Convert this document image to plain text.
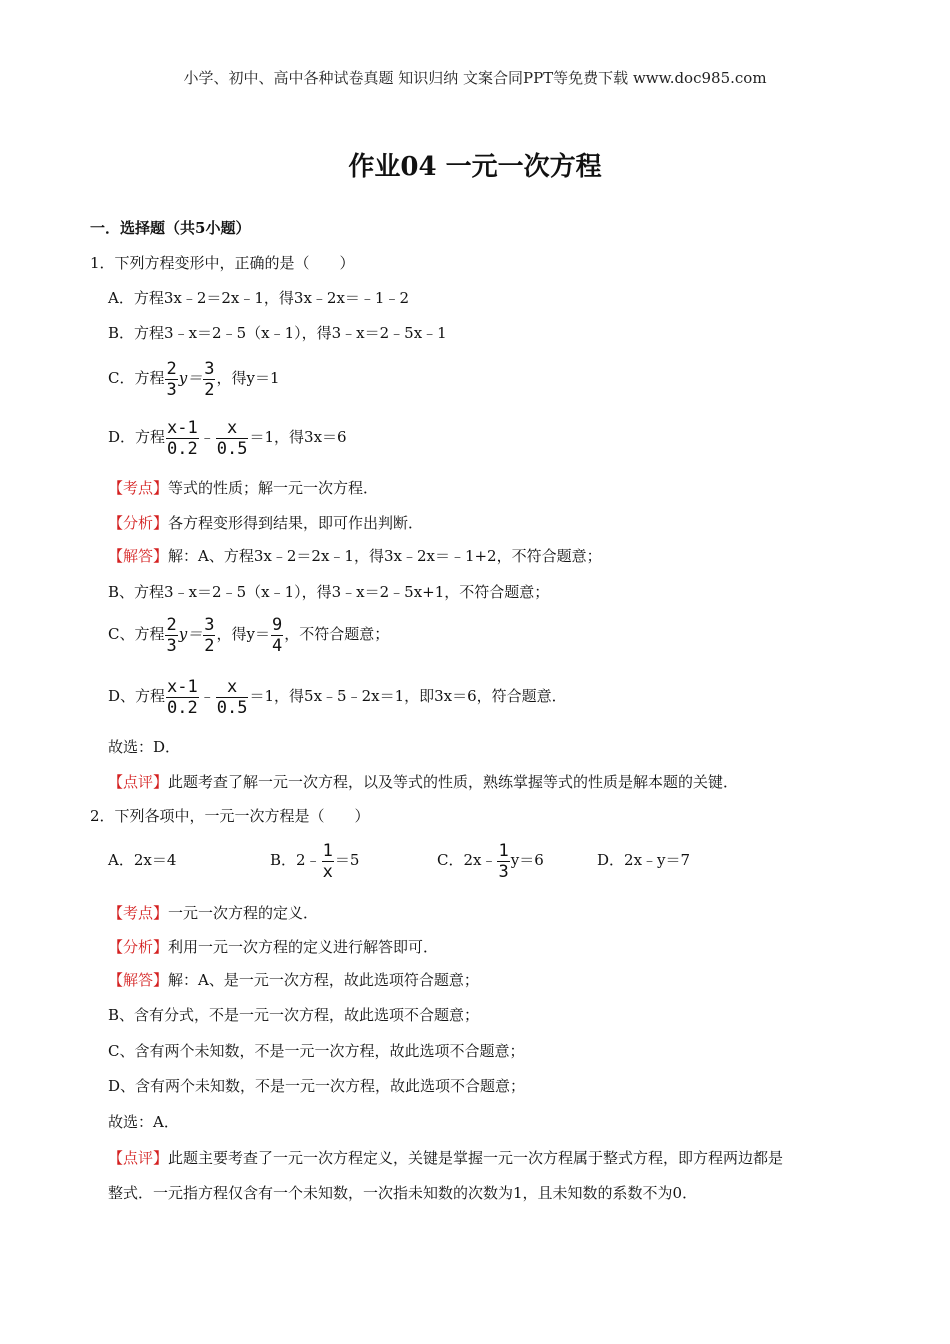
小学、初中、高中各种试卷真题 知识归纳 文案合同PPT等免费下载 www.doc985.com
作业04 一元一次方程
一．选择题（共5小题）
1．下列方程变形中，正确的是（　　）
A．方程3x﹣2＝2x﹣1，得3x﹣2x＝﹣1﹣2
B．方程3﹣x＝2﹣5（x﹣1），得3﹣x＝2﹣5x﹣1
C．方程 $\frac{2}{3} y= \frac{3}{2}$ ，得y＝1
D．方程 $\frac{x-1}{0.2}$ ﹣ $\frac{x}{0.5} =1$，得3x＝6
【考点】等式的性质；解一元一次方程．
【分析】各方程变形得到结果，即可作出判断．
【解答】解：A、方程3x﹣2＝2x﹣1，得3x﹣2x＝﹣1+2，不符合题意；
B、方程3﹣x＝2﹣5（x﹣1），得3﹣x＝2﹣5x+1，不符合题意；
C、方程 $\frac{2}{3} y= \frac{3}{2}$ ，得$y= \frac{9}{4}$ ，不符合题意；
D、方程 $\frac{x-1}{0.2}$ ﹣ $\frac{x}{0.5} =1$，得5x﹣5﹣2x＝1，即3x＝6，符合题意．
故选：D．
【点评】此题考查了解一元一次方程，以及等式的性质，熟练掌握等式的性质是解本题的关键．
2．下列各项中，一元一次方程是（　　）
A．2x＝4	B．2﹣ $\frac{1}{x} =5$	C．2x﹣ $\frac{1}{3} y=6$	D．2x﹣y＝7
【考点】一元一次方程的定义．
【分析】利用一元一次方程的定义进行解答即可．
【解答】解：A、是一元一次方程，故此选项符合题意；
B、含有分式，不是一元一次方程，故此选项不合题意；
C、含有两个未知数，不是一元一次方程，故此选项不合题意；
D、含有两个未知数，不是一元一次方程，故此选项不合题意；
故选：A．
【点评】此题主要考查了一元一次方程定义，关键是掌握一元一次方程属于整式方程，即方程两边都是
整式．一元指方程仅含有一个未知数，一次指未知数的次数为1，且未知数的系数不为0．
